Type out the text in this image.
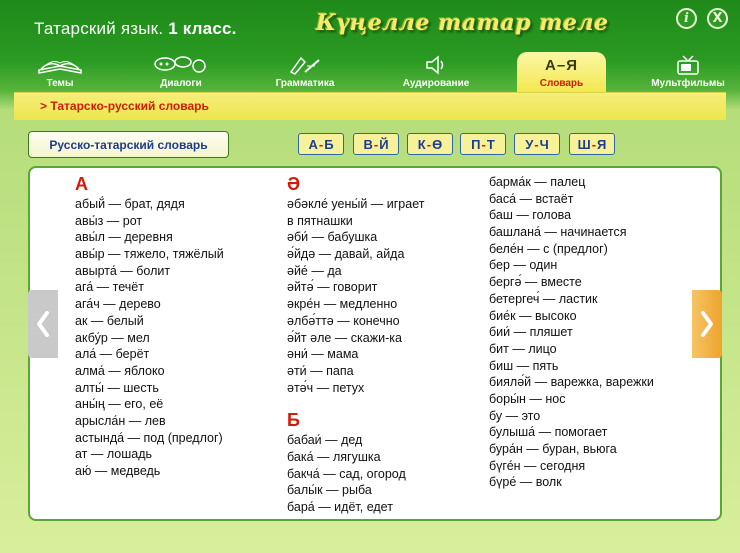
Татарский язык. 1 класс.	Күңелле татар теле	i X
Темы	Диалоги	Грамматика	Аудирование
А–Я
Словарь	Мультфильмы
> Татарско-русский словарь
Русско-татарский словарь	А - Б В - Й К - Ө П - Т У - Ч Ш - Я
А
абый́ — брат, дядя
авы́з — рот
авы́л — деревня
авы́р — тяжело, тяжёлый
авырта́ — болит
ага́ — течёт
ага́ч — дерево
ак — белый
акбу́р — мел
ала́ — берёт
алма́ — яблоко
алты́ — шесть
аны́ң — его, её
арысла́н — лев
астында́ — под (предлог)
ат — лошадь
аю́ — медведь
Ә
әбәкле́ уены́й — играет
в пятнашки
әби́ — бабушка
ә́йдә — давай, айда
әйе́ — да
әйтә́ — говорит
әкре́н — медленно
әлбә́ттә — конечно
ә́йт әле — скажи-ка
әни́ — мама
әти́ — папа
әтә́ч — петух
Б
бабаи́ — дед
бака́ — лягушка
бакча́ — сад, огород
балы́к — рыба
бара́ — идёт, едет
барма́к — палец
баса́ — встаёт
баш — голова
башлана́ — начинается
беле́н — с (предлог)
бер — один
бергә́ — вместе
бетергеч́ — ластик
бие́к — высоко
бии́ — пляшет
бит — лицо
биш — пять
биялә́й — варежка, варежки
боры́н — нос
бу — это
булыша́ — помогает
бура́н — буран, вьюга
бүге́н — сегодня
бүре́ — волк
